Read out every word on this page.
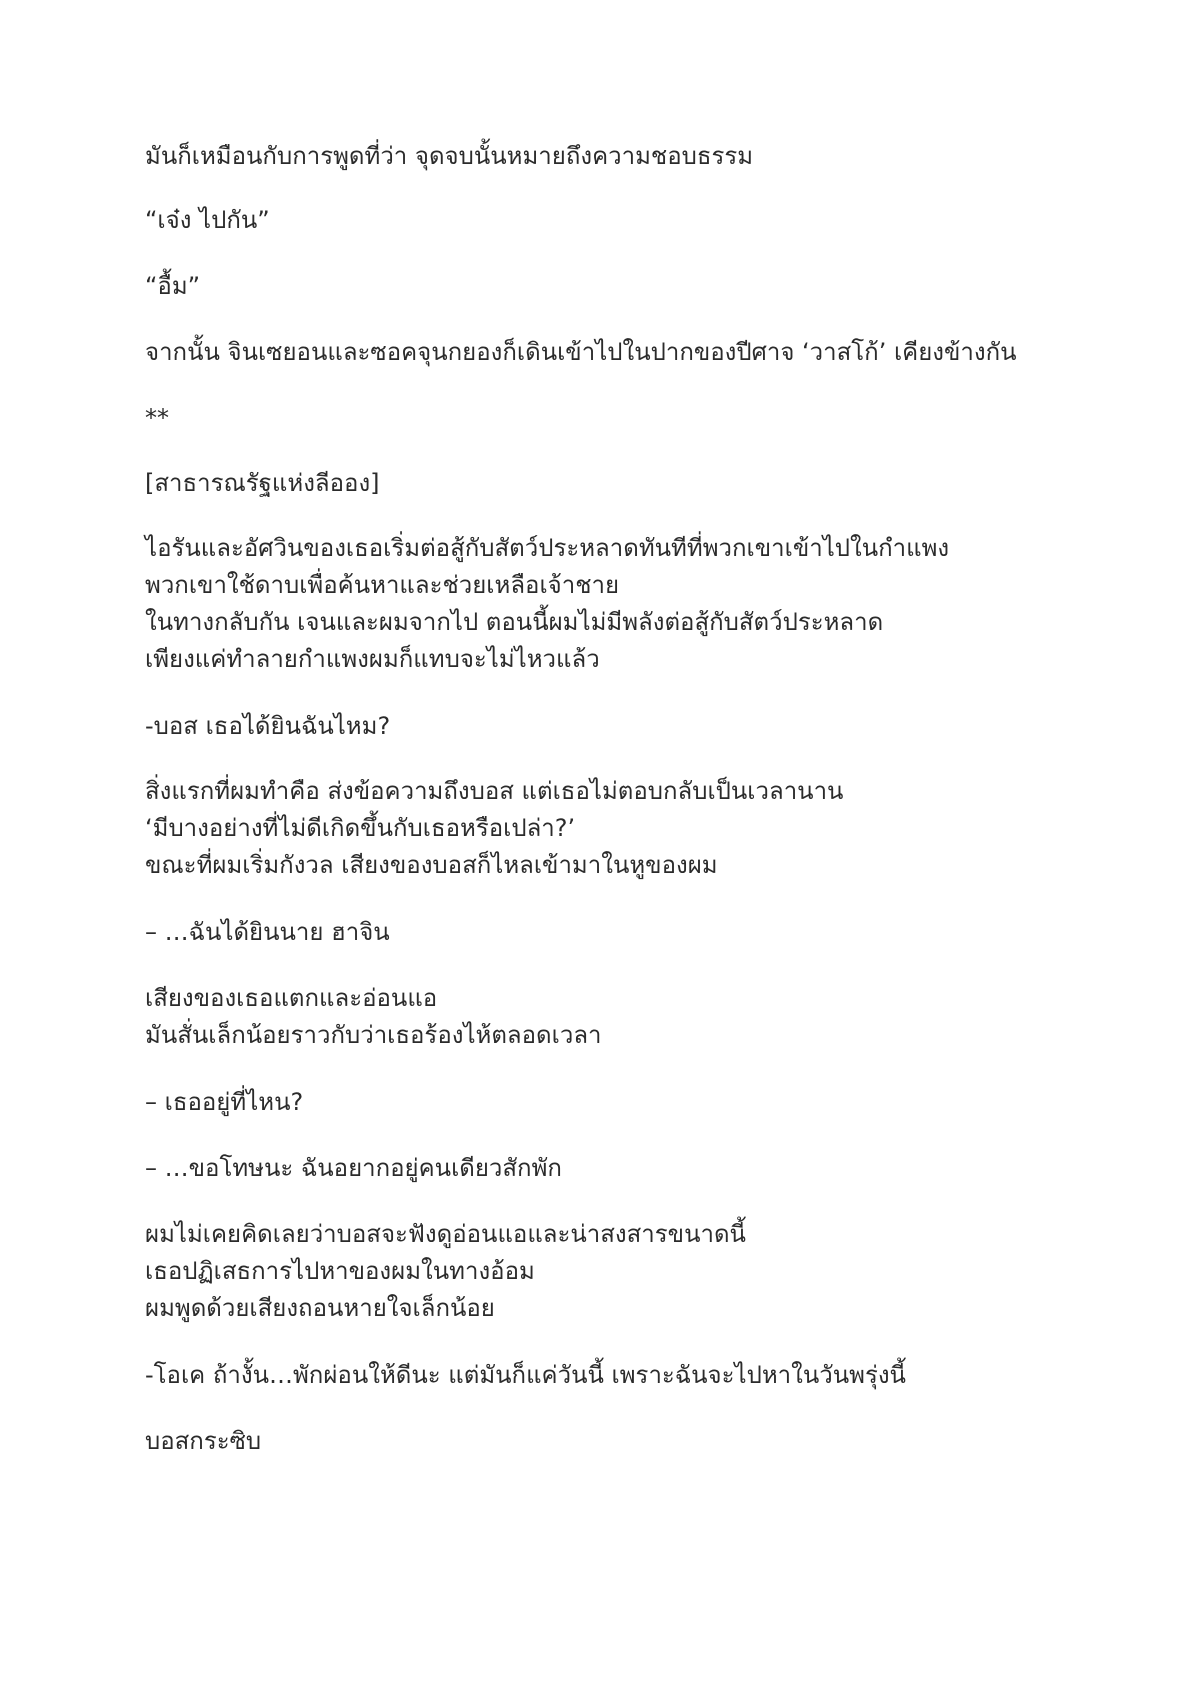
มันก็เหมือนกับการพูดที่ว่า จุดจบนั้นหมายถึงความชอบธรรม

“เจ๋ง ไปกัน”

“อื้ม”

จากนั้น จินเซยอนและซอคจุนกยองก็เดินเข้าไปในปากของปีศาจ ‘วาสโก้’ เคียงข้างกัน

**

[สาธารณรัฐแห่งลีออง]

ไอรันและอัศวินของเธอเริ่มต่อสู้กับสัตว์ประหลาดทันทีที่พวกเขาเข้าไปในกำแพง

พวกเขาใช้ดาบเพื่อค้นหาและช่วยเหลือเจ้าชาย

ในทางกลับกัน เจนและผมจากไป ตอนนี้ผมไม่มีพลังต่อสู้กับสัตว์ประหลาด

เพียงแค่ทำลายกำแพงผมก็แทบจะไม่ไหวแล้ว

-บอส เธอได้ยินฉันไหม?

สิ่งแรกที่ผมทำคือ ส่งข้อความถึงบอส แต่เธอไม่ตอบกลับเป็นเวลานาน

‘มีบางอย่างที่ไม่ดีเกิดขึ้นกับเธอหรือเปล่า?’

ขณะที่ผมเริ่มกังวล เสียงของบอสก็ไหลเข้ามาในหูของผม

– …ฉันได้ยินนาย ฮาจิน

เสียงของเธอแตกและอ่อนแอ

มันสั่นเล็กน้อยราวกับว่าเธอร้องไห้ตลอดเวลา

– เธออยู่ที่ไหน?

– …ขอโทษนะ ฉันอยากอยู่คนเดียวสักพัก

ผมไม่เคยคิดเลยว่าบอสจะฟังดูอ่อนแอและน่าสงสารขนาดนี้

เธอปฏิเสธการไปหาของผมในทางอ้อม

ผมพูดด้วยเสียงถอนหายใจเล็กน้อย

-โอเค ถ้างั้น…พักผ่อนให้ดีนะ แต่มันก็แค่วันนี้ เพราะฉันจะไปหาในวันพรุ่งนี้

บอสกระซิบ
